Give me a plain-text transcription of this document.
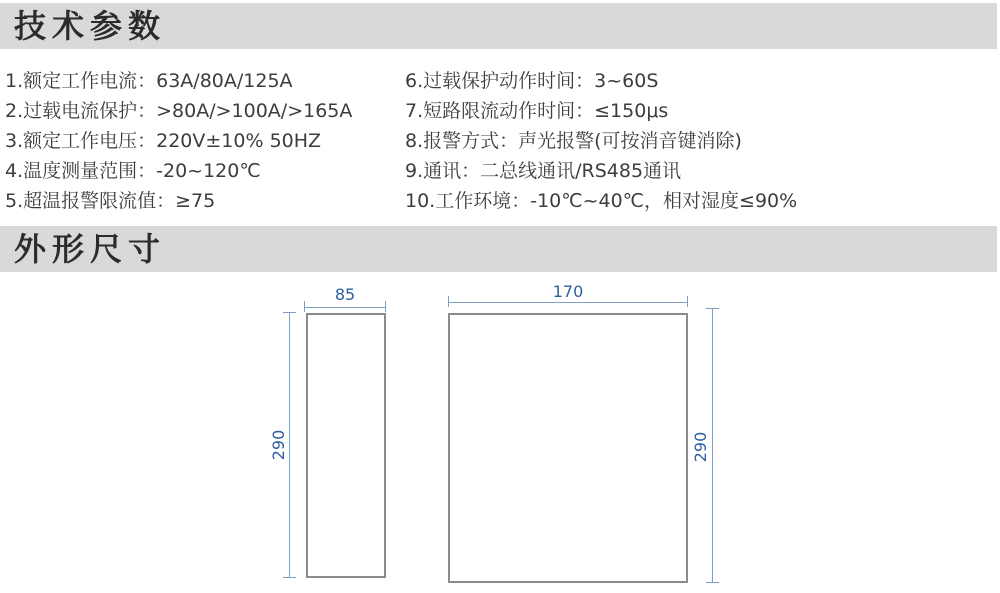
技术参数
1.额定工作电流：63A/80A/125A
2.过载电流保护：>80A/>100A/>165A
3.额定工作电压：220V±10% 50HZ
4.温度测量范围：-20~120℃
5.超温报警限流值：≥75
6.过载保护动作时间：3~60S
7.短路限流动作时间：≤150μs
8.报警方式：声光报警(可按消音键消除)
9.通讯：二总线通讯/RS485通讯
10.工作环境：-10℃~40℃，相对湿度≤90%
外形尺寸
85
290
170
290
